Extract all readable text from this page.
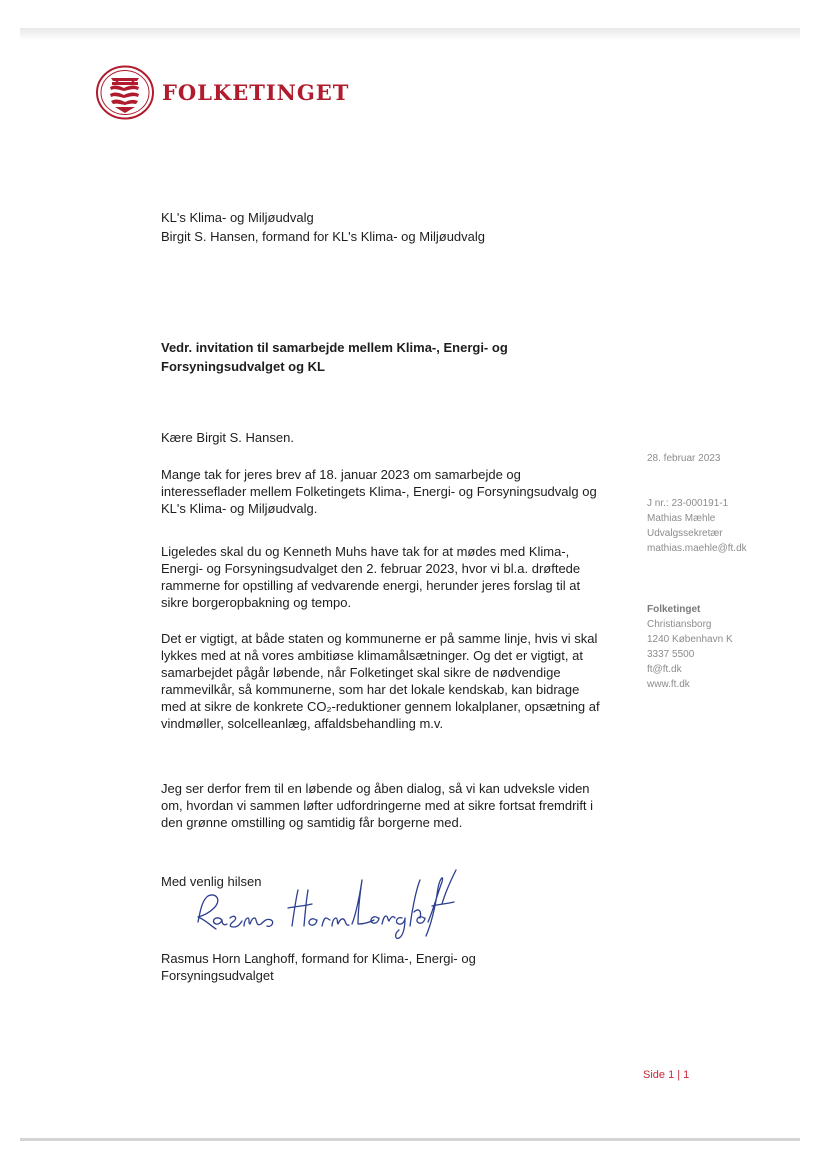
FOLKETINGET
KL's Klima- og Miljøudvalg
Birgit S. Hansen, formand for KL's Klima- og Miljøudvalg
Vedr. invitation til samarbejde mellem Klima-, Energi- og Forsyningsudvalget og KL
Kære Birgit S. Hansen.
Mange tak for jeres brev af 18. januar 2023 om samarbejde og interesseflader mellem Folketingets Klima-, Energi- og Forsyningsudvalg og KL's Klima- og Miljøudvalg.
Ligeledes skal du og Kenneth Muhs have tak for at mødes med Klima-, Energi- og Forsyningsudvalget den 2. februar 2023, hvor vi bl.a. drøftede rammerne for opstilling af vedvarende energi, herunder jeres forslag til at sikre borgeropbakning og tempo.
Det er vigtigt, at både staten og kommunerne er på samme linje, hvis vi skal lykkes med at nå vores ambitiøse klimamålsætninger. Og det er vigtigt, at samarbejdet pågår løbende, når Folketinget skal sikre de nødvendige rammevilkår, så kommunerne, som har det lokale kendskab, kan bidrage med at sikre de konkrete CO₂-reduktioner gennem lokalplaner, opsætning af vindmøller, solcelleanlæg, affaldsbehandling m.v.
Jeg ser derfor frem til en løbende og åben dialog, så vi kan udveksle viden om, hvordan vi sammen løfter udfordringerne med at sikre fortsat fremdrift i den grønne omstilling og samtidig får borgerne med.
Med venlig hilsen
Rasmus Horn Langhoff, formand for Klima-, Energi- og Forsyningsudvalget
28. februar 2023
J nr.: 23-000191-1
Mathias Mæhle
Udvalgssekretær
mathias.maehle@ft.dk
Folketinget
Christiansborg
1240 København K
3337 5500
ft@ft.dk
www.ft.dk
Side 1 | 1
